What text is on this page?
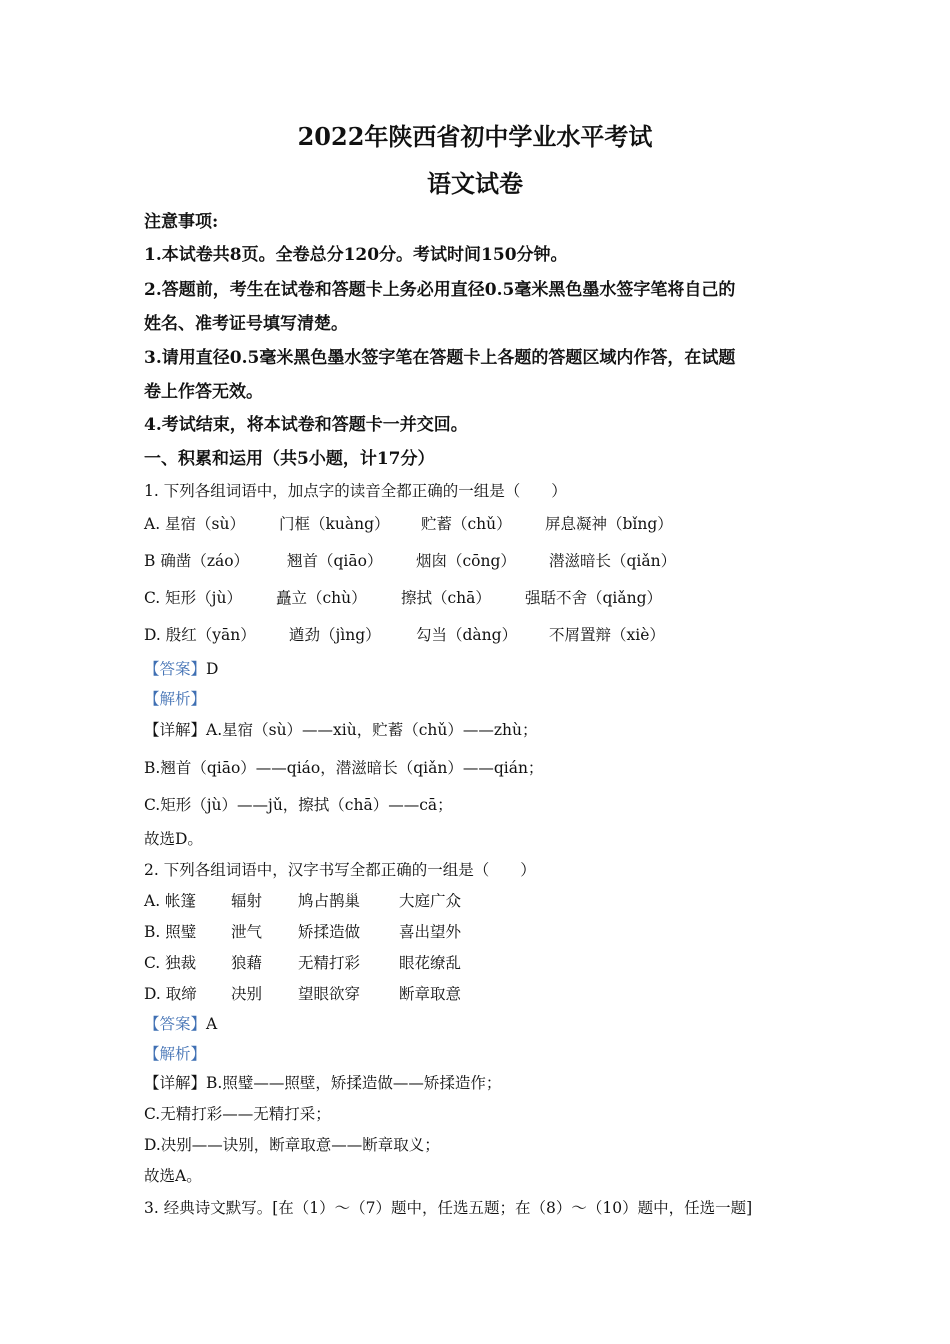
2022年陕西省初中学业水平考试
语文试卷
注意事项:
1.本试卷共8页。全卷总分120分。考试时间150分钟。
2.答题前，考生在试卷和答题卡上务必用直径0.5毫米黑色墨水签字笔将自己的
姓名、准考证号填写清楚。
3.请用直径0.5毫米黑色墨水签字笔在答题卡上各题的答题区域内作答，在试题
卷上作答无效。
4.考试结束，将本试卷和答题卡一并交回。
一、积累和运用（共5小题，计17分）
1. 下列各组词语中，加点字的读音全都正确的一组是（　　）
A. 星宿（sù） 门框（kuàng） 贮蓄（chǔ） 屏息凝神（bǐng）
B 确凿（záo） 翘首（qiāo） 烟囱（cōng） 潜滋暗长（qiǎn）
C. 矩形（jù） 矗立（chù） 擦拭（chā） 强聒不舍（qiǎng）
D. 殷红（yān） 遒劲（jìng） 勾当（dàng） 不屑置辩（xiè）
【答案】D
【解析】
【详解】A.星宿（sù）——xiù，贮蓄（chǔ）——zhù；
B.翘首（qiāo）——qiáo，潜滋暗长（qiǎn）——qián；
C.矩形（jù）——jǔ，擦拭（chā）——cā；
故选D。
2. 下列各组词语中，汉字书写全都正确的一组是（　　）
A. 帐篷 辐射 鸠占鹊巢	大庭广众
B. 照璧 泄气 矫揉造做	喜出望外
C. 独裁 狼藉 无精打彩	眼花缭乱
D. 取缔 决别 望眼欲穿	断章取意
【答案】A
【解析】
【详解】B.照璧——照壁，矫揉造做——矫揉造作；
C.无精打彩——无精打采；
D.决别——诀别，断章取意——断章取义；
故选A。
3. 经典诗文默写。[在（1）～（7）题中，任选五题；在（8）～（10）题中，任选一题]
